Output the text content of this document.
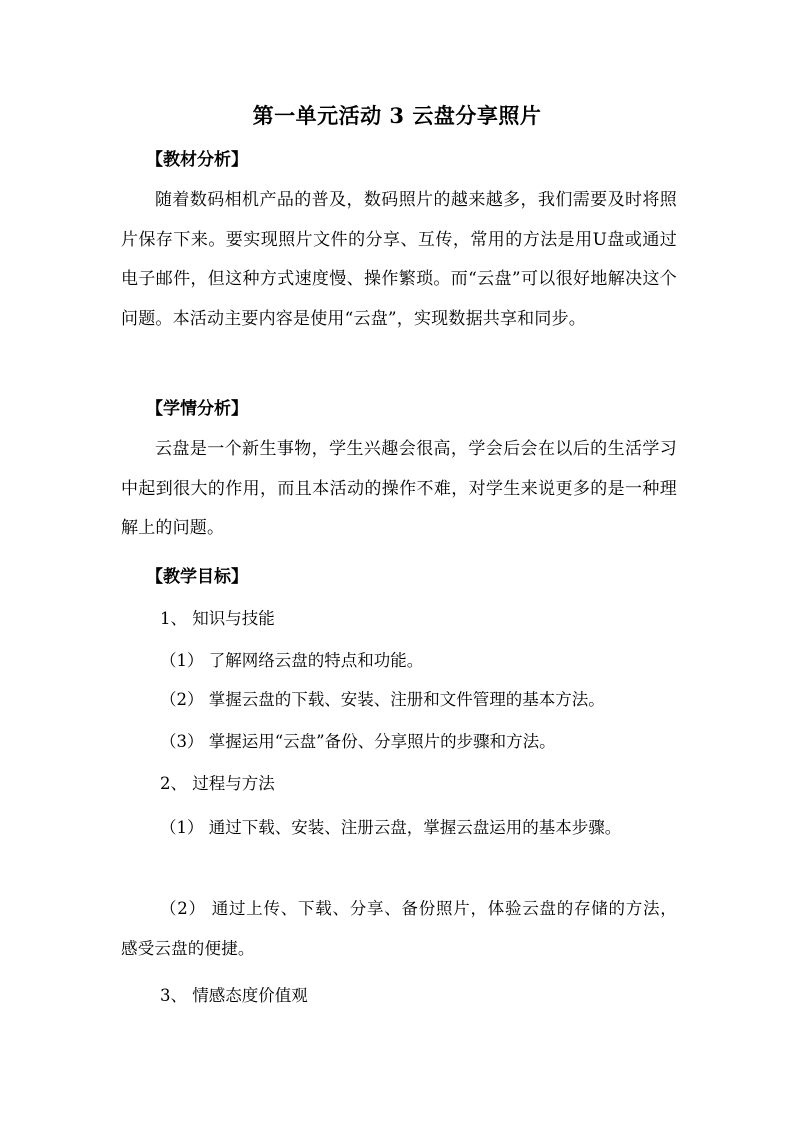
第一单元活动 3 云盘分享照片
【教材分析】
随着数码相机产品的普及，数码照片的越来越多，我们需要及时将照片保存下来。要实现照片文件的分享、互传，常用的方法是用U盘或通过电子邮件，但这种方式速度慢、操作繁琐。而“云盘”可以很好地解决这个问题。本活动主要内容是使用“云盘”，实现数据共享和同步。
【学情分析】
云盘是一个新生事物，学生兴趣会很高，学会后会在以后的生活学习中起到很大的作用，而且本活动的操作不难，对学生来说更多的是一种理解上的问题。
【教学目标】
1、 知识与技能
（1） 了解网络云盘的特点和功能。
（2） 掌握云盘的下载、安装、注册和文件管理的基本方法。
（3） 掌握运用“云盘”备份、分享照片的步骤和方法。
2、 过程与方法
（1） 通过下载、安装、注册云盘，掌握云盘运用的基本步骤。
（2） 通过上传、下载、分享、备份照片，体验云盘的存储的方法，感受云盘的便捷。
3、 情感态度价值观
